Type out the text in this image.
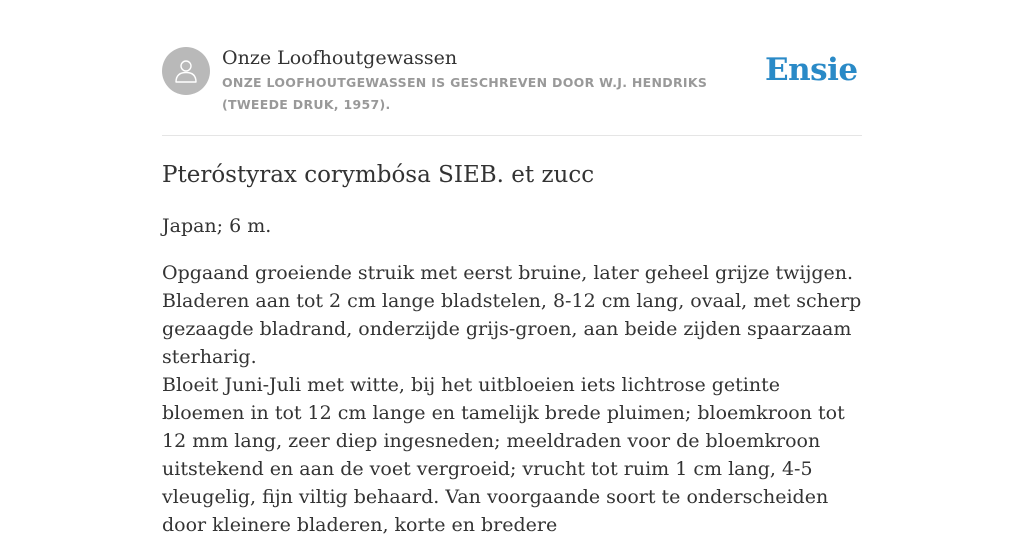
Onze Loofhoutgewassen
ONZE LOOFHOUTGEWASSEN IS GESCHREVEN DOOR W.J. HENDRIKS (TWEEDE DRUK, 1957).
Ensie
Pteróstyrax corymbósa SIEB. et zucc

Japan; 6 m.

Opgaand groeiende struik met eerst bruine, later geheel grijze twijgen. Bladeren aan tot 2 cm lange bladstelen, 8-12 cm lang, ovaal, met scherp gezaagde bladrand, onderzijde grijs-groen, aan beide zijden spaarzaam sterharig.

Bloeit Juni-Juli met witte, bij het uitbloeien iets lichtrose getinte bloemen in tot 12 cm lange en tamelijk brede pluimen; bloemkroon tot 12 mm lang, zeer diep ingesneden; meeldraden voor de bloemkroon uitstekend en aan de voet vergroeid; vrucht tot ruim 1 cm lang, 4-5 vleugelig, fijn viltig behaard. Van voorgaande soort te onderscheiden door kleinere bladeren, korte en bredere
